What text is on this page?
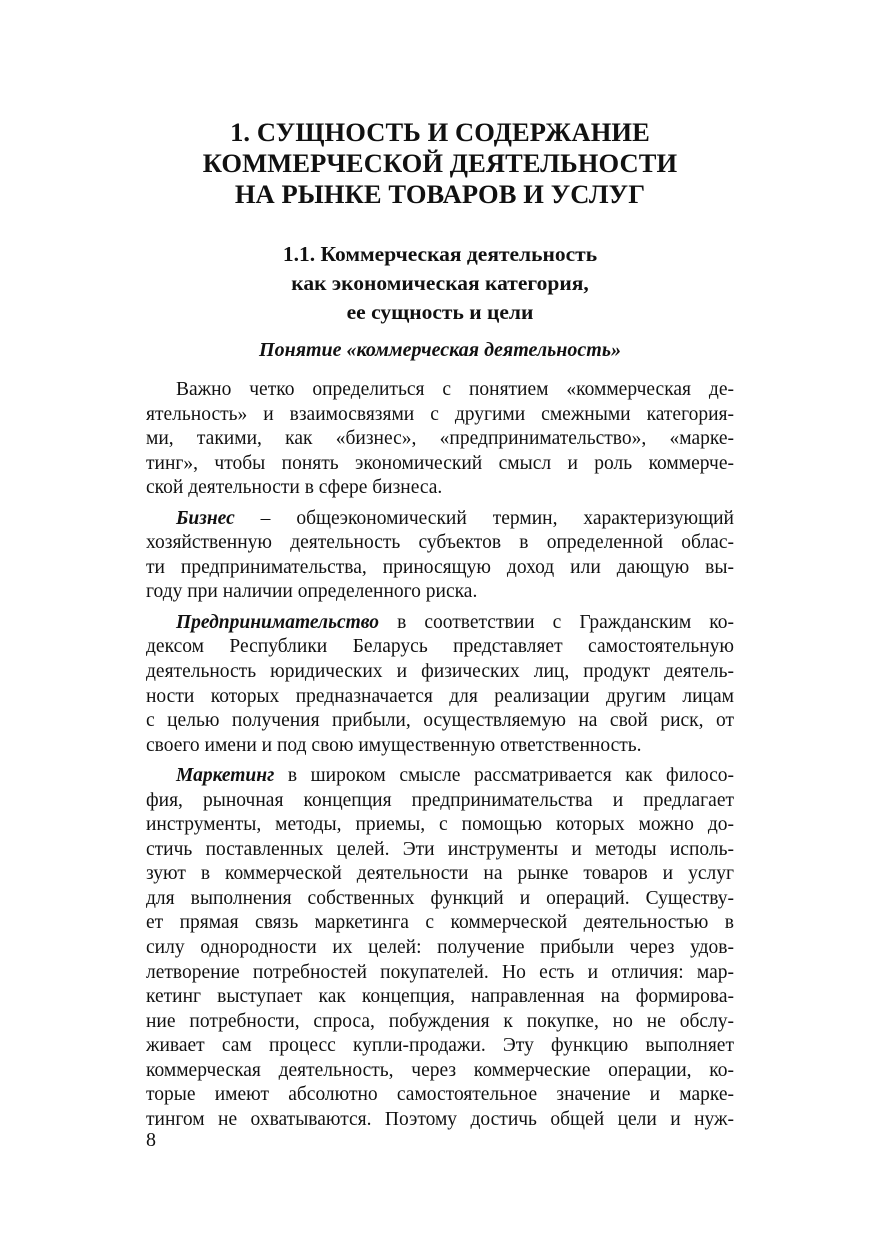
1. СУЩНОСТЬ И СОДЕРЖАНИЕ
КОММЕРЧЕСКОЙ ДЕЯТЕЛЬНОСТИ
НА РЫНКЕ ТОВАРОВ И УСЛУГ
1.1. Коммерческая деятельность
как экономическая категория,
ее сущность и цели
Понятие «коммерческая деятельность»

Важно четко определиться с понятием «коммерческая де-
ятельность» и взаимосвязями с другими смежными категория-
ми, такими, как «бизнес», «предпринимательство», «марке-
тинг», чтобы понять экономический смысл и роль коммерче-
ской деятельности в сфере бизнеса.

Бизнес – общеэкономический термин, характеризующий
хозяйственную деятельность субъектов в определенной облас-
ти предпринимательства, приносящую доход или дающую вы-
году при наличии определенного риска.

Предпринимательство в соответствии с Гражданским ко-
дексом Республики Беларусь представляет самостоятельную
деятельность юридических и физических лиц, продукт деятель-
ности которых предназначается для реализации другим лицам
с целью получения прибыли, осуществляемую на свой риск, от
своего имени и под свою имущественную ответственность.

Маркетинг в широком смысле рассматривается как филосо-
фия, рыночная концепция предпринимательства и предлагает
инструменты, методы, приемы, с помощью которых можно до-
стичь поставленных целей. Эти инструменты и методы исполь-
зуют в коммерческой деятельности на рынке товаров и услуг
для выполнения собственных функций и операций. Существу-
ет прямая связь маркетинга с коммерческой деятельностью в
силу однородности их целей: получение прибыли через удов-
летворение потребностей покупателей. Но есть и отличия: мар-
кетинг выступает как концепция, направленная на формирова-
ние потребности, спроса, побуждения к покупке, но не обслу-
живает сам процесс купли-продажи. Эту функцию выполняет
коммерческая деятельность, через коммерческие операции, ко-
торые имеют абсолютно самостоятельное значение и марке-
тингом не охватываются. Поэтому достичь общей цели и нуж-

8
